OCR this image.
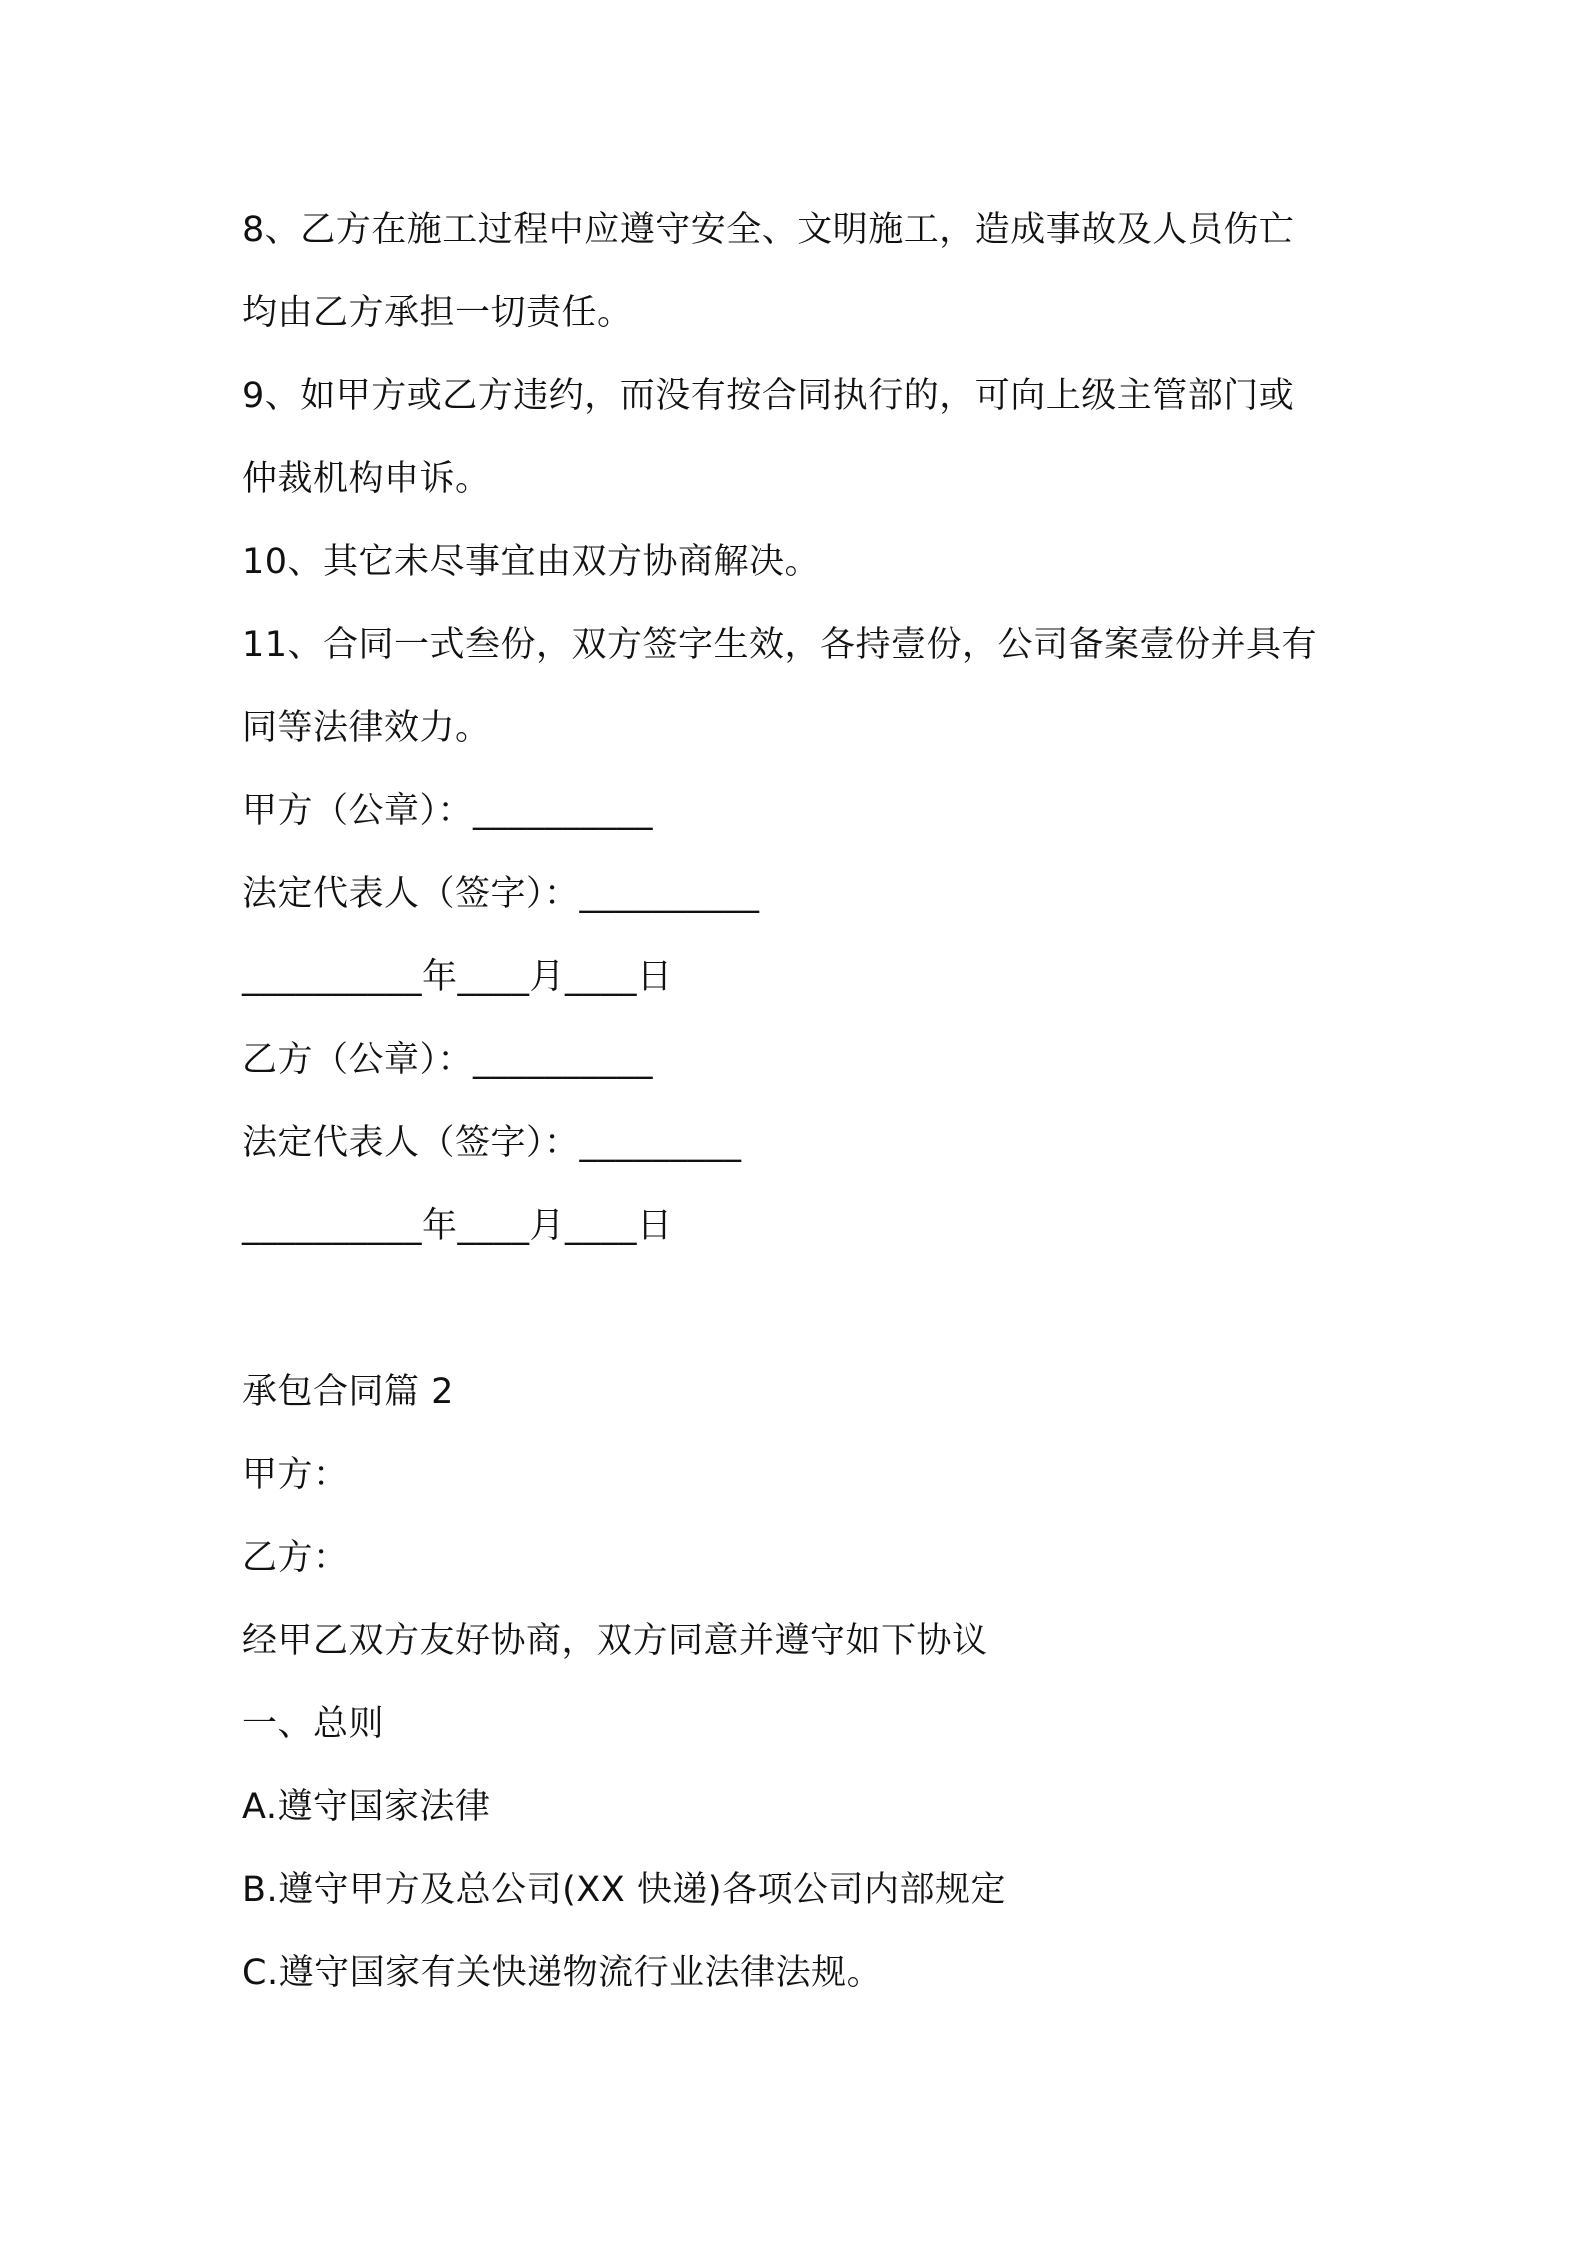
8、乙方在施工过程中应遵守安全、文明施工，造成事故及人员伤亡
均由乙方承担一切责任。
9、如甲方或乙方违约，而没有按合同执行的，可向上级主管部门或
仲裁机构申诉。
10、其它未尽事宜由双方协商解决。
11、合同一式叁份，双方签字生效，各持壹份，公司备案壹份并具有
同等法律效力。
甲方（公章）：__________
法定代表人（签字）：__________
__________年____月____日
乙方（公章）：__________
法定代表人（签字）：_________
__________年____月____日
承包合同篇 2
甲方：
乙方：
经甲乙双方友好协商，双方同意并遵守如下协议
一、总则
A.遵守国家法律
B.遵守甲方及总公司(XX 快递)各项公司内部规定
C.遵守国家有关快递物流行业法律法规。
